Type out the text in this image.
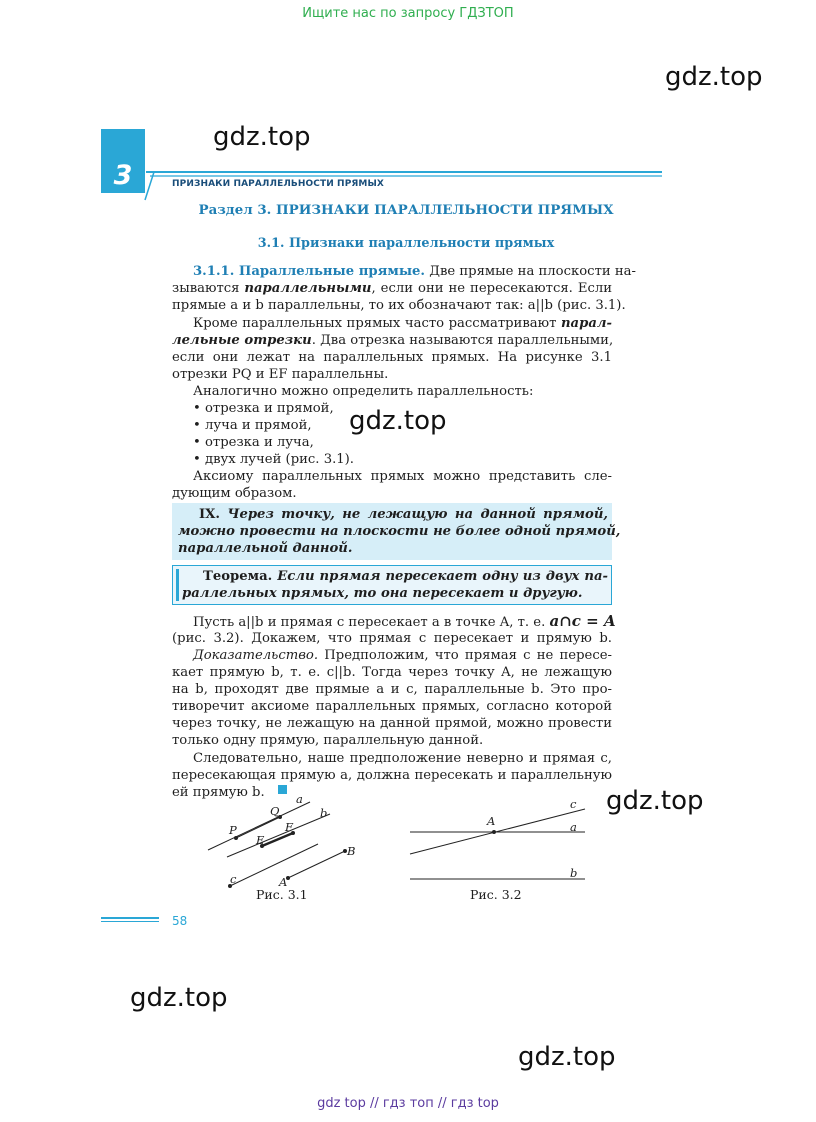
Ищите нас по запросу ГДЗТОП
gdz.top
gdz.top
gdz.top
gdz.top
gdz.top
gdz.top
3	ПРИЗНАКИ ПАРАЛЛЕЛЬНОСТИ ПРЯМЫХ
Раздел 3. ПРИЗНАКИ ПАРАЛЛЕЛЬНОСТИ ПРЯМЫХ
3.1. Признаки параллельности прямых
3.1.1. Параллельные прямые. Две прямые на плоскости на-
зываются параллельными, если они не пересекаются. Если
прямые a и b параллельны, то их обозначают так: a||b (рис. 3.1).
Кроме параллельных прямых часто рассматривают парал-
лельные отрезки. Два отрезка называются параллельными,
если они лежат на параллельных прямых. На рисунке 3.1
отрезки PQ и EF параллельны.
Аналогично можно определить параллельность:
• отрезка и прямой,
• луча и прямой,
• отрезка и луча,
• двух лучей (рис. 3.1).
Аксиому параллельных прямых можно представить сле-
дующим образом.
IX. Через точку, не лежащую на данной прямой,
можно провести на плоскости не более одной прямой,
параллельной данной.
Теорема. Если прямая пересекает одну из двух па-
раллельных прямых, то она пересекает и другую.
Пусть a||b и прямая c пересекает a в точке A, т. е. a∩c = A
(рис. 3.2). Докажем, что прямая c пересекает и прямую b.
Доказательство. Предположим, что прямая c не пересе-
кает прямую b, т. е. c||b. Тогда через точку A, не лежащую
на b, проходят две прямые a и c, параллельные b. Это про-
тиворечит аксиоме параллельных прямых, согласно которой
через точку, не лежащую на данной прямой, можно провести
только одну прямую, параллельную данной.
Следовательно, наше предположение неверно и прямая c,
пересекающая прямую a, должна пересекать и параллельную
ей прямую b.	a
b
c
P
Q
E
F
A
B
Рис. 3.1
A	a
b
c
Рис. 3.2
58
gdz top // гдз топ // гдз top
